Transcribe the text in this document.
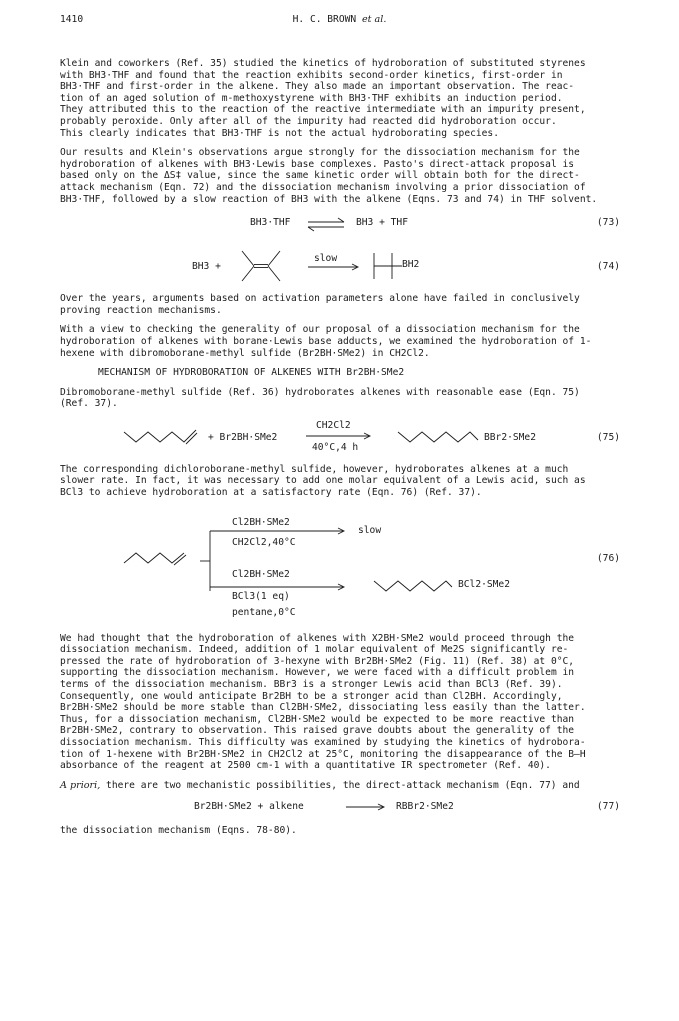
1410	H. C. BROWN et al.

Klein and coworkers (Ref. 35) studied the kinetics of hydroboration of substituted styrenes
with BH3·THF and found that the reaction exhibits second-order kinetics, first-order in
BH3·THF and first-order in the alkene. They also made an important observation. The reac-
tion of an aged solution of m-methoxystyrene with BH3·THF exhibits an induction period.
They attributed this to the reaction of the reactive intermediate with an impurity present,
probably peroxide. Only after all of the impurity had reacted did hydroboration occur.
This clearly indicates that BH3·THF is not the actual hydroborating species.

Our results and Klein's observations argue strongly for the dissociation mechanism for the
hydroboration of alkenes with BH3·Lewis base complexes. Pasto's direct-attack proposal is
based only on the ΔS‡ value, since the same kinetic order will obtain both for the direct-
attack mechanism (Eqn. 72) and the dissociation mechanism involving a prior dissociation of
BH3·THF, followed by a slow reaction of BH3 with the alkene (Eqns. 73 and 74) in THF solvent.

BH3·THF	BH3 + THF	(73)
BH3 +
slow
BH2	(74)

Over the years, arguments based on activation parameters alone have failed in conclusively
proving reaction mechanisms.

With a view to checking the generality of our proposal of a dissociation mechanism for the
hydroboration of alkenes with borane·Lewis base adducts, we examined the hydroboration of 1-
hexene with dibromoborane-methyl sulfide (Br2BH·SMe2) in CH2Cl2.

MECHANISM OF HYDROBORATION OF ALKENES WITH Br2BH·SMe2

Dibromoborane-methyl sulfide (Ref. 36) hydroborates alkenes with reasonable ease (Eqn. 75)
(Ref. 37).

+ Br2BH·SMe2
CH2Cl2
40°C,4 h
BBr2·SMe2	(75)

The corresponding dichloroborane-methyl sulfide, however, hydroborates alkenes at a much
slower rate. In fact, it was necessary to add one molar equivalent of a Lewis acid, such as
BCl3 to achieve hydroboration at a satisfactory rate (Eqn. 76) (Ref. 37).

Cl2BH·SMe2
CH2Cl2,40°C
slow
Cl2BH·SMe2
BCl3(1 eq)
pentane,0°C
BCl2·SMe2
(76)

We had thought that the hydroboration of alkenes with X2BH·SMe2 would proceed through the
dissociation mechanism. Indeed, addition of 1 molar equivalent of Me2S significantly re-
pressed the rate of hydroboration of 3-hexyne with Br2BH·SMe2 (Fig. 11) (Ref. 38) at 0°C,
supporting the dissociation mechanism. However, we were faced with a difficult problem in
terms of the dissociation mechanism. BBr3 is a stronger Lewis acid than BCl3 (Ref. 39).
Consequently, one would anticipate Br2BH to be a stronger acid than Cl2BH. Accordingly,
Br2BH·SMe2 should be more stable than Cl2BH·SMe2, dissociating less easily than the latter.
Thus, for a dissociation mechanism, Cl2BH·SMe2 would be expected to be more reactive than
Br2BH·SMe2, contrary to observation. This raised grave doubts about the generality of the
dissociation mechanism. This difficulty was examined by studying the kinetics of hydrobora-
tion of 1-hexene with Br2BH·SMe2 in CH2Cl2 at 25°C, monitoring the disappearance of the B–H
absorbance of the reagent at 2500 cm-1 with a quantitative IR spectrometer (Ref. 40).

A priori, there are two mechanistic possibilities, the direct-attack mechanism (Eqn. 77) and

Br2BH·SMe2 + alkene	RBBr2·SMe2	(77)

the dissociation mechanism (Eqns. 78-80).
